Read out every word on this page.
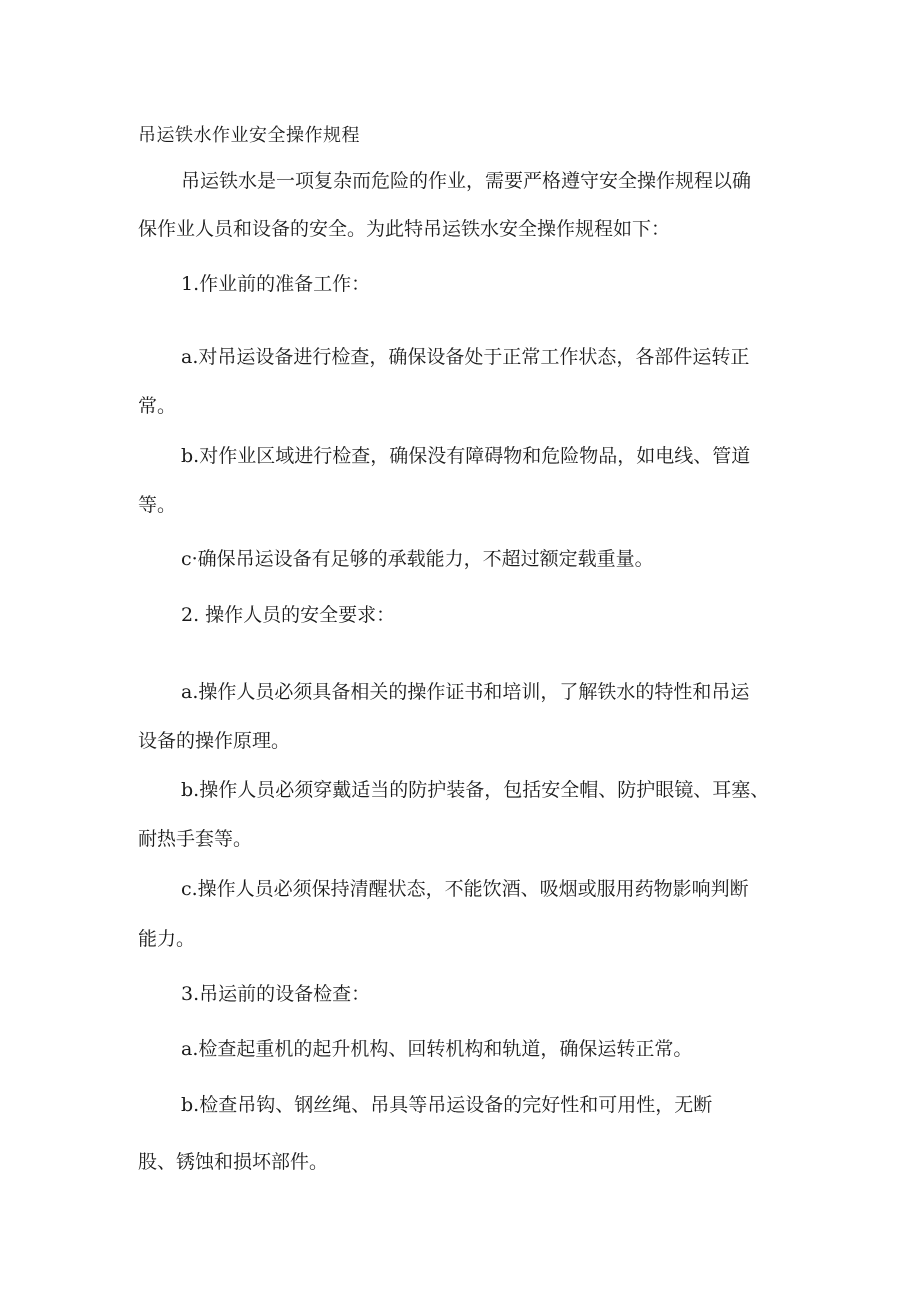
吊运铁水作业安全操作规程

吊运铁水是一项复杂而危险的作业，需要严格遵守安全操作规程以确

保作业人员和设备的安全。为此特吊运铁水安全操作规程如下：

1.作业前的准备工作：

a.对吊运设备进行检查，确保设备处于正常工作状态，各部件运转正

常。

b.对作业区域进行检查，确保没有障碍物和危险物品，如电线、管道

等。

c·确保吊运设备有足够的承载能力，不超过额定载重量。

2. 操作人员的安全要求：

a.操作人员必须具备相关的操作证书和培训，了解铁水的特性和吊运

设备的操作原理。

b.操作人员必须穿戴适当的防护装备，包括安全帽、防护眼镜、耳塞、

耐热手套等。

c.操作人员必须保持清醒状态，不能饮酒、吸烟或服用药物影响判断

能力。

3.吊运前的设备检查：

a.检查起重机的起升机构、回转机构和轨道，确保运转正常。

b.检查吊钩、钢丝绳、吊具等吊运设备的完好性和可用性，无断

股、锈蚀和损坏部件。
